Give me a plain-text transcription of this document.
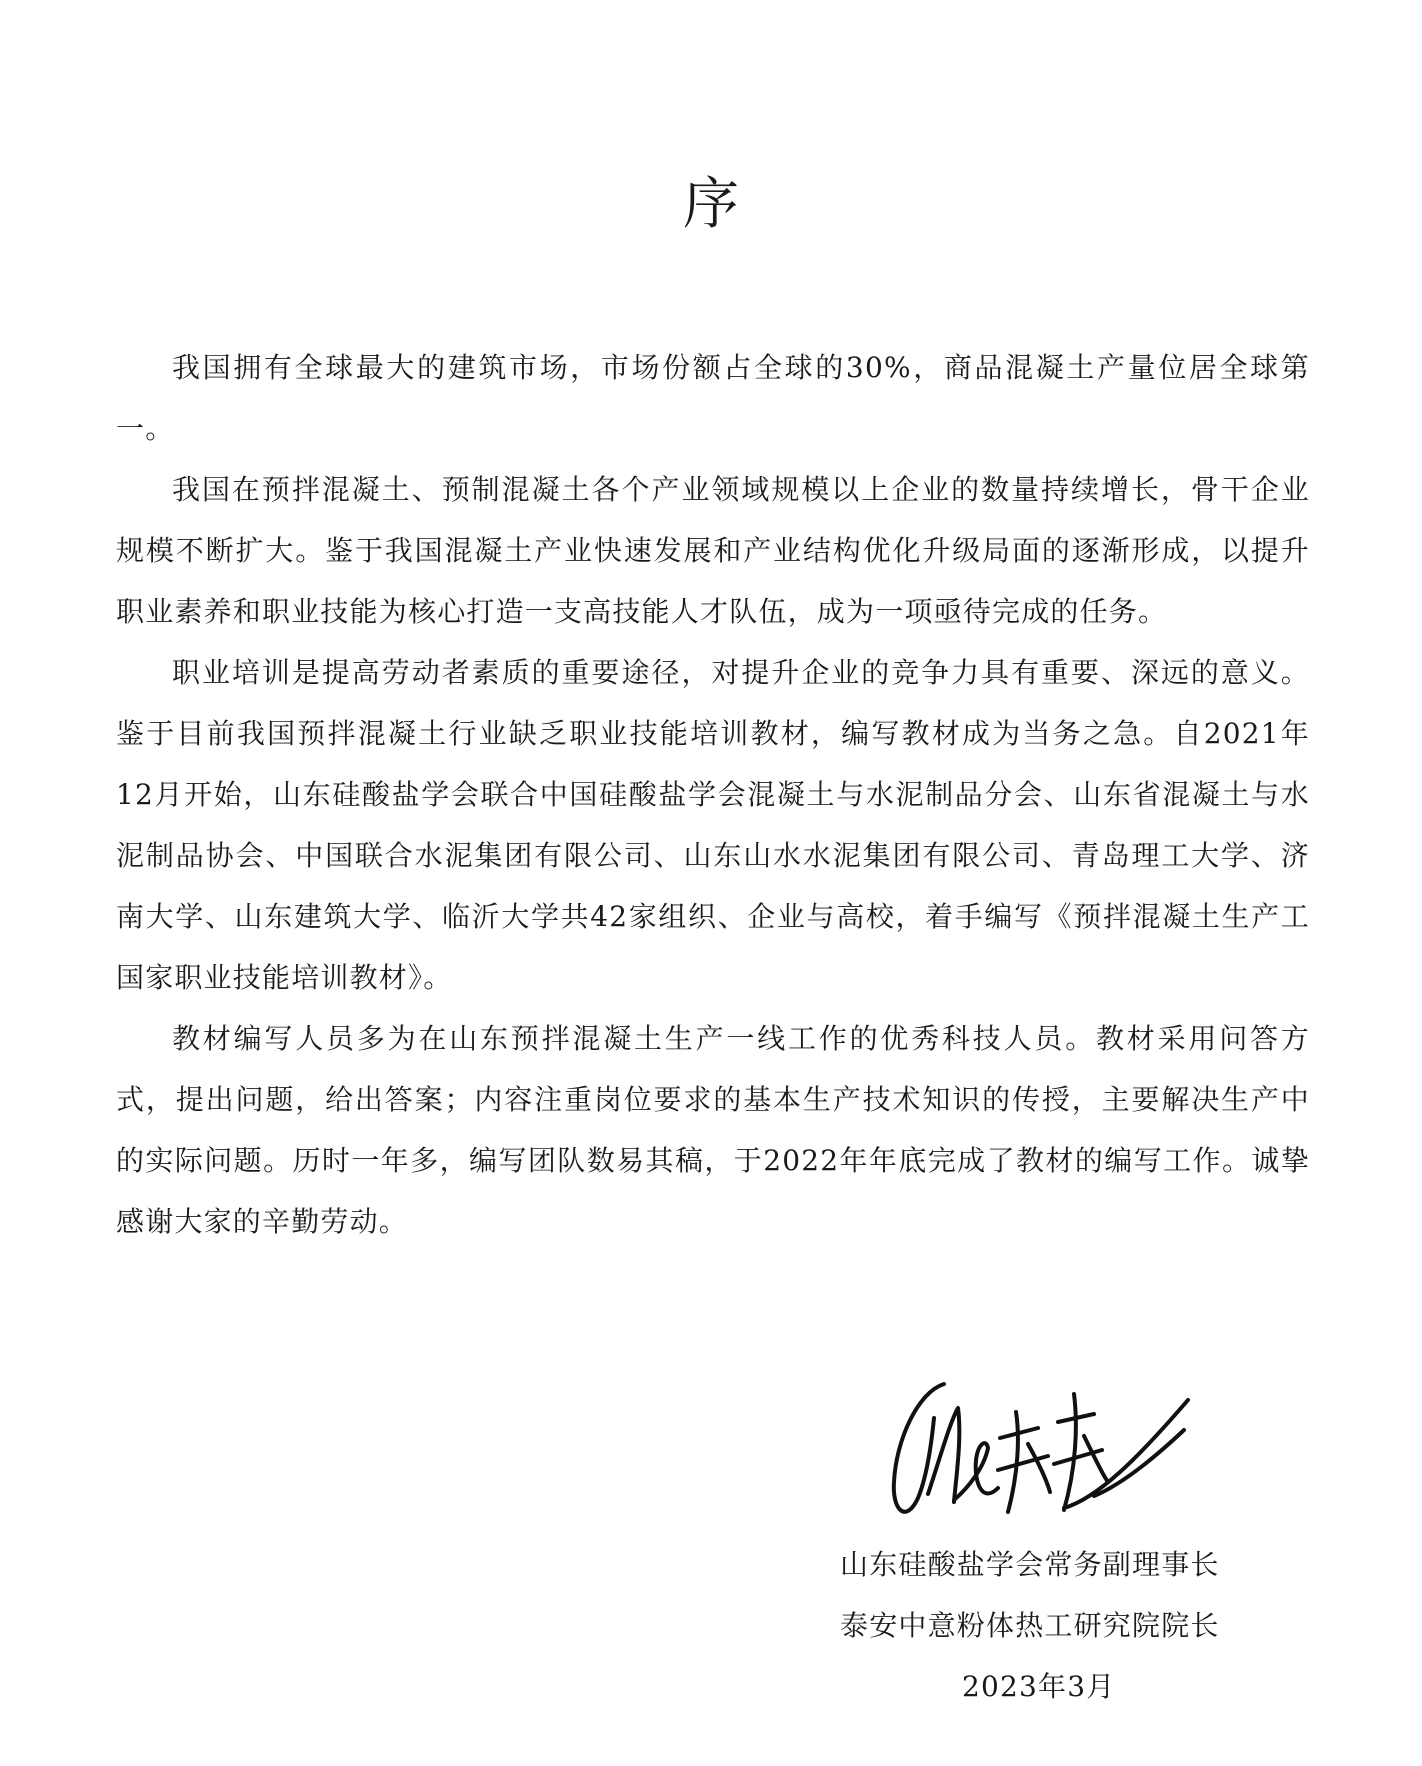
序

我国拥有全球最大的建筑市场，市场份额占全球的30%，商品混凝土产量位居全球第一。

我国在预拌混凝土、预制混凝土各个产业领域规模以上企业的数量持续增长，骨干企业规模不断扩大。鉴于我国混凝土产业快速发展和产业结构优化升级局面的逐渐形成，以提升职业素养和职业技能为核心打造一支高技能人才队伍，成为一项亟待完成的任务。

职业培训是提高劳动者素质的重要途径，对提升企业的竞争力具有重要、深远的意义。鉴于目前我国预拌混凝土行业缺乏职业技能培训教材，编写教材成为当务之急。自2021年12月开始，山东硅酸盐学会联合中国硅酸盐学会混凝土与水泥制品分会、山东省混凝土与水泥制品协会、中国联合水泥集团有限公司、山东山水水泥集团有限公司、青岛理工大学、济南大学、山东建筑大学、临沂大学共42家组织、企业与高校，着手编写《预拌混凝土生产工国家职业技能培训教材》。

教材编写人员多为在山东预拌混凝土生产一线工作的优秀科技人员。教材采用问答方式，提出问题，给出答案；内容注重岗位要求的基本生产技术知识的传授，主要解决生产中的实际问题。历时一年多，编写团队数易其稿，于2022年年底完成了教材的编写工作。诚挚感谢大家的辛勤劳动。

山东硅酸盐学会常务副理事长
泰安中意粉体热工研究院院长
2023年3月
